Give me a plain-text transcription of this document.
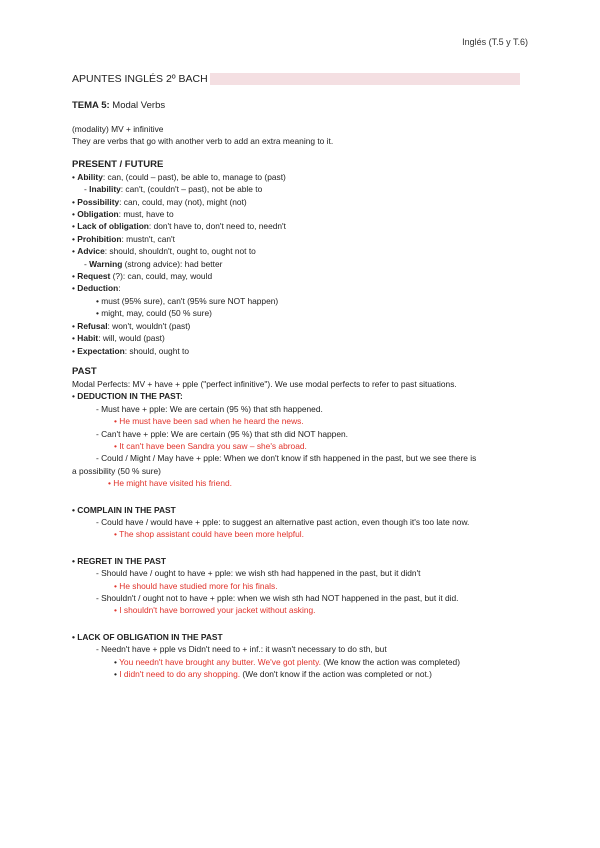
Inglés (T.5 y T.6)
APUNTES INGLÉS 2º BACH
TEMA 5: Modal Verbs
(modality) MV + infinitive
They are verbs that go with another verb to add an extra meaning to it.
PRESENT / FUTURE
• Ability: can, (could – past), be able to, manage to (past)
- Inability: can't, (couldn't – past), not be able to
• Possibility: can, could, may (not), might (not)
• Obligation: must, have to
• Lack of obligation: don't have to, don't need to, needn't
• Prohibition: mustn't, can't
• Advice: should, shouldn't, ought to, ought not to
- Warning (strong advice): had better
• Request (?): can, could, may, would
• Deduction:
• must (95% sure), can't (95% sure NOT happen)
• might, may, could (50 % sure)
• Refusal: won't, wouldn't (past)
• Habit: will, would (past)
• Expectation: should, ought to
PAST
Modal Perfects: MV + have + pple ("perfect infinitive"). We use modal perfects to refer to past situations.
• DEDUCTION IN THE PAST:
- Must have + pple: We are certain (95 %) that sth happened.
• He must have been sad when he heard the news.
- Can't have + pple: We are certain (95 %) that sth did NOT happen.
• It can't have been Sandra you saw – she's abroad.
- Could / Might / May have + pple: When we don't know if sth happened in the past, but we see there is
a possibility (50 % sure)
• He might have visited his friend.
• COMPLAIN IN THE PAST
- Could have / would have + pple: to suggest an alternative past action, even though it's too late now.
• The shop assistant could have been more helpful.
• REGRET IN THE PAST
- Should have / ought to have + pple: we wish sth had happened in the past, but it didn't
• He should have studied more for his finals.
- Shouldn't / ought not to have + pple: when we wish sth had NOT happened in the past, but it did.
• I shouldn't have borrowed your jacket without asking.
• LACK OF OBLIGATION IN THE PAST
- Needn't have + pple vs Didn't need to + inf.: it wasn't necessary to do sth, but
• You needn't have brought any butter. We've got plenty. (We know the action was completed)
• I didn't need to do any shopping. (We don't know if the action was completed or not.)
